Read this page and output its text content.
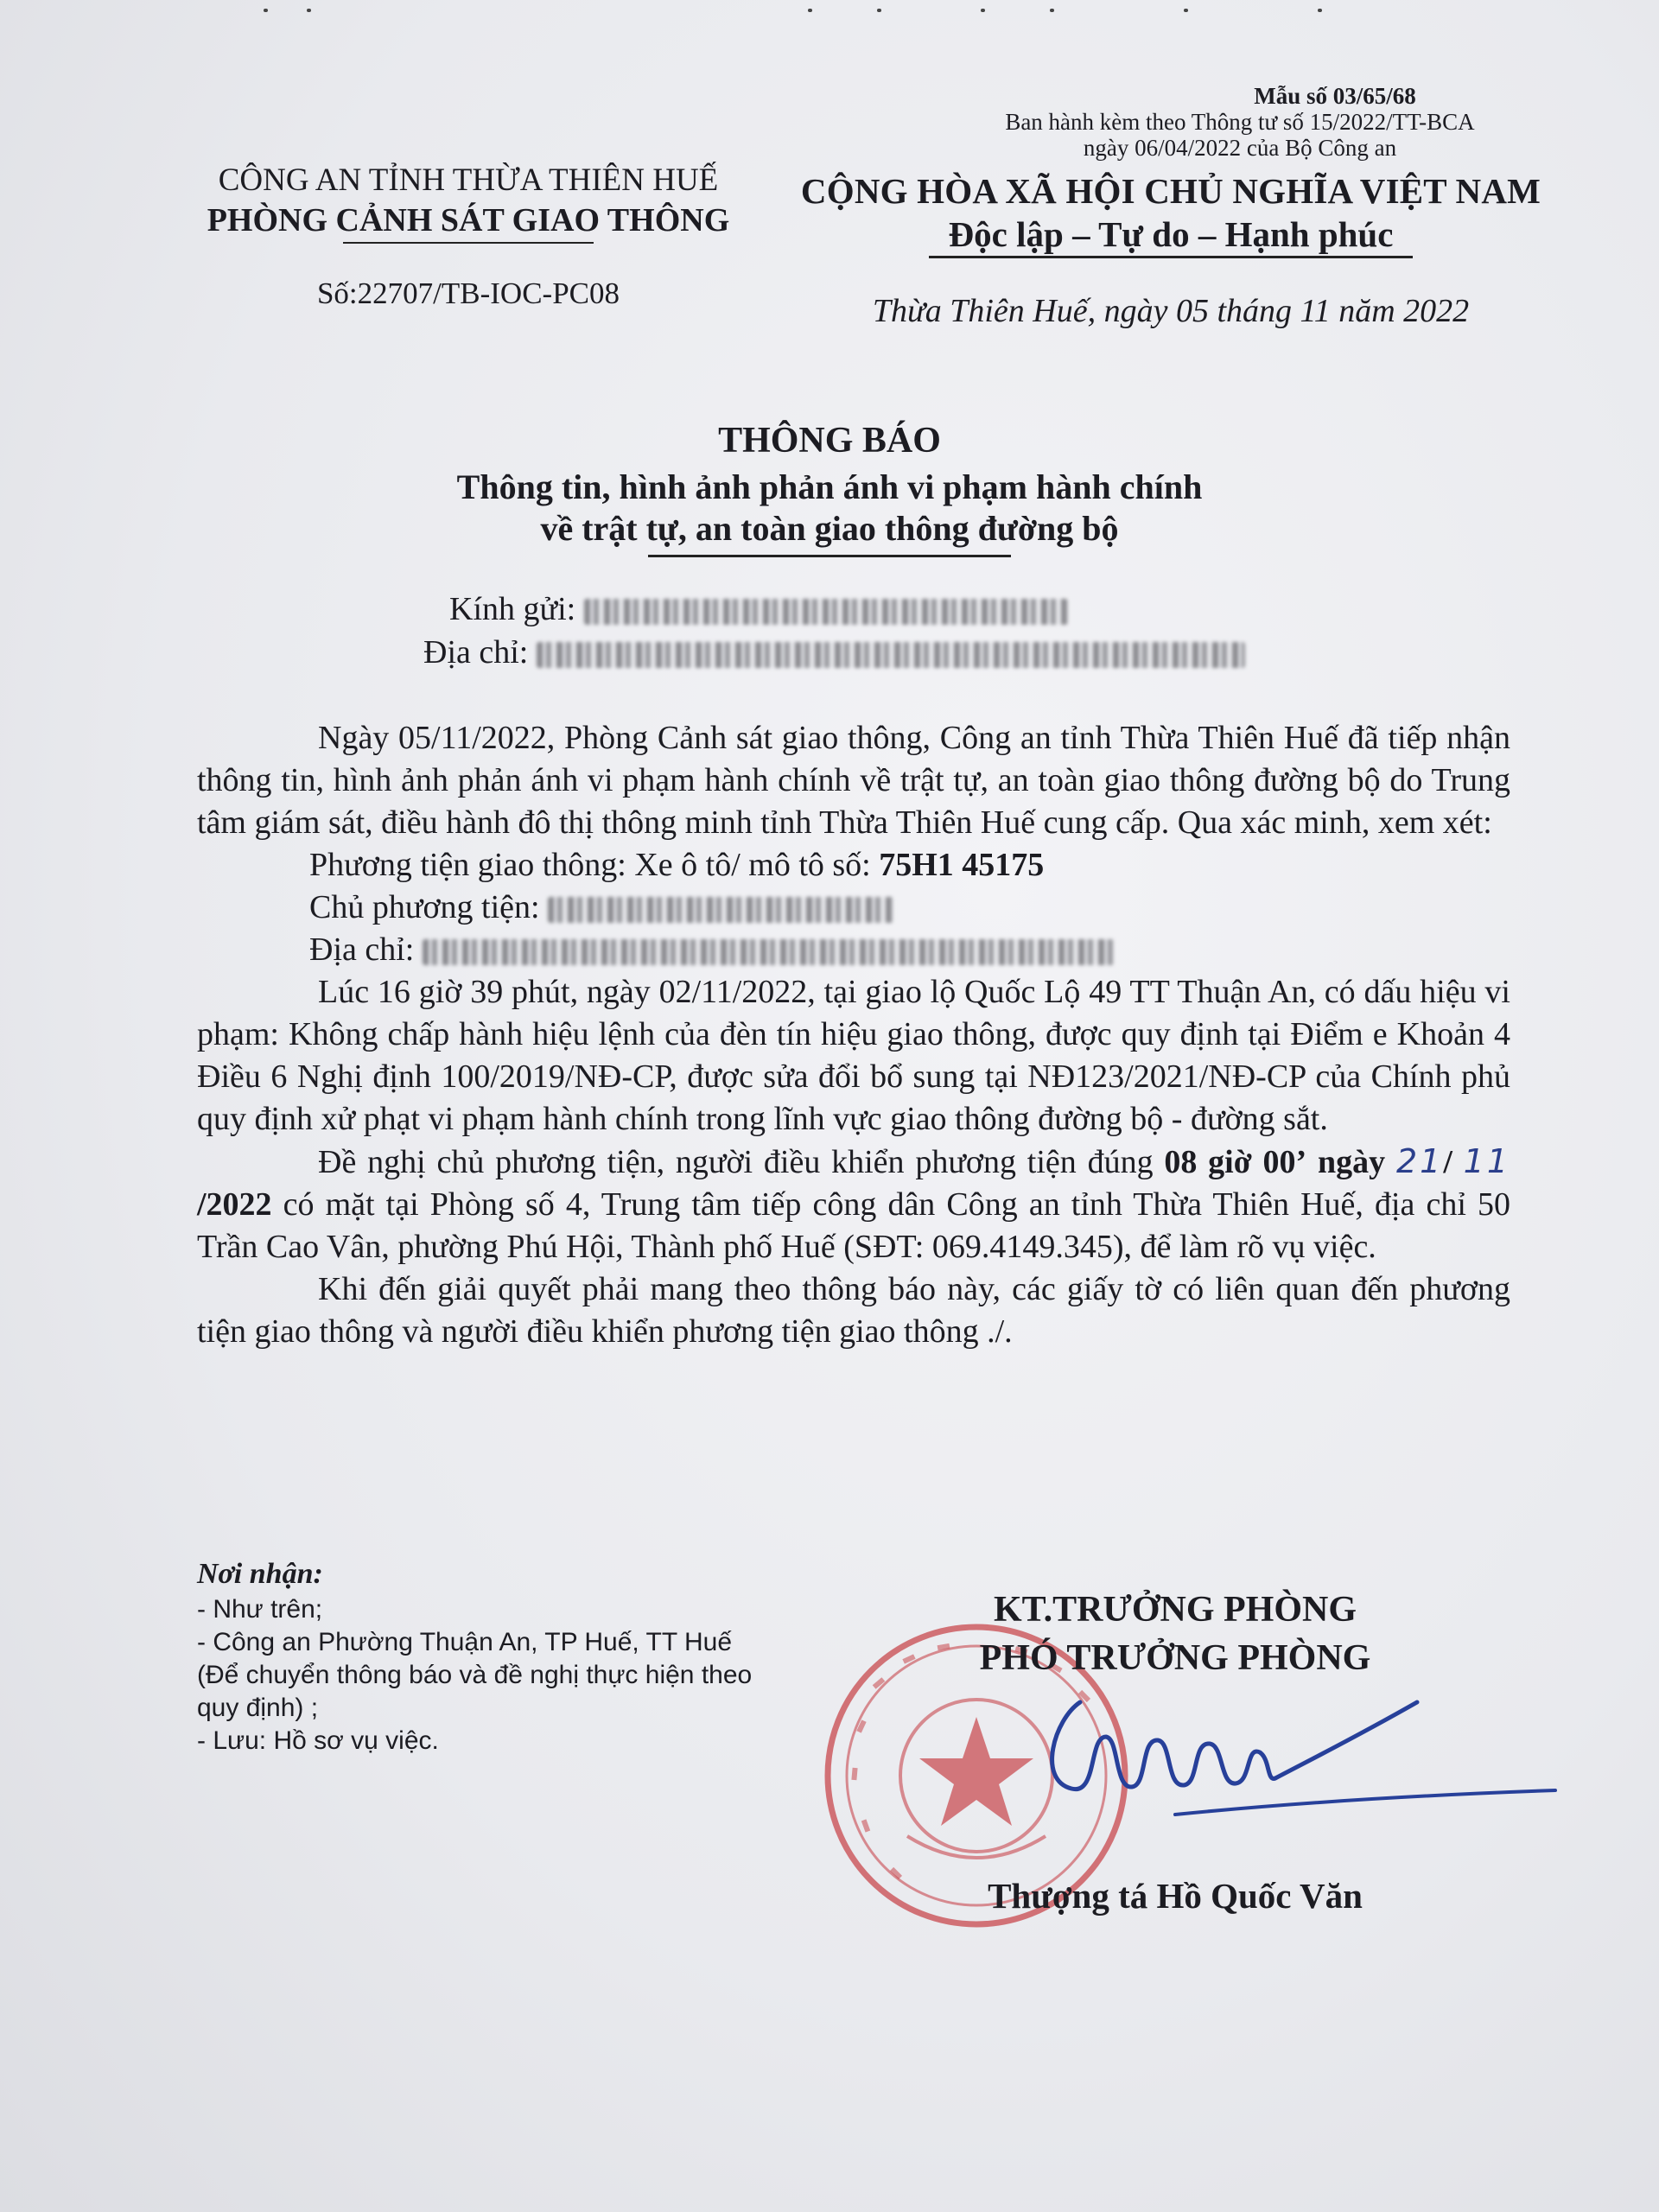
Mẫu số 03/65/68
Ban hành kèm theo Thông tư số 15/2022/TT-BCA
ngày 06/04/2022 của Bộ Công an
CÔNG AN TỈNH THỪA THIÊN HUẾ
PHÒNG CẢNH SÁT GIAO THÔNG
Số:22707/TB-IOC-PC08
CỘNG HÒA XÃ HỘI CHỦ NGHĨA VIỆT NAM
Độc lập – Tự do – Hạnh phúc
Thừa Thiên Huế, ngày 05 tháng 11 năm 2022
THÔNG BÁO
Thông tin, hình ảnh phản ánh vi phạm hành chính
về trật tự, an toàn giao thông đường bộ
Kính gửi:
Địa chỉ:
Ngày 05/11/2022, Phòng Cảnh sát giao thông, Công an tỉnh Thừa Thiên Huế đã tiếp nhận thông tin, hình ảnh phản ánh vi phạm hành chính về trật tự, an toàn giao thông đường bộ do Trung tâm giám sát, điều hành đô thị thông minh tỉnh Thừa Thiên Huế cung cấp. Qua xác minh, xem xét:
Phương tiện giao thông: Xe ô tô/ mô tô số: 75H1 45175
Chủ phương tiện:
Địa chỉ:
Lúc 16 giờ 39 phút, ngày 02/11/2022, tại giao lộ Quốc Lộ 49 TT Thuận An, có dấu hiệu vi phạm: Không chấp hành hiệu lệnh của đèn tín hiệu giao thông, được quy định tại Điểm e Khoản 4 Điều 6 Nghị định 100/2019/NĐ-CP, được sửa đổi bổ sung tại NĐ123/2021/NĐ-CP của Chính phủ quy định xử phạt vi phạm hành chính trong lĩnh vực giao thông đường bộ - đường sắt.
Đề nghị chủ phương tiện, người điều khiển phương tiện đúng 08 giờ 00’ ngày 21/ 11 /2022 có mặt tại Phòng số 4, Trung tâm tiếp công dân Công an tỉnh Thừa Thiên Huế, địa chỉ 50 Trần Cao Vân, phường Phú Hội, Thành phố Huế (SĐT: 069.4149.345), để làm rõ vụ việc.
Khi đến giải quyết phải mang theo thông báo này, các giấy tờ có liên quan đến phương tiện giao thông và người điều khiển phương tiện giao thông ./.
Nơi nhận:
- Như trên;
- Công an Phường Thuận An, TP Huế, TT Huế
(Để chuyển thông báo và đề nghị thực hiện theo
quy định) ;
- Lưu: Hồ sơ vụ việc.
KT.TRƯỞNG PHÒNG
PHÓ TRƯỞNG PHÒNG
Thượng tá Hồ Quốc Văn
